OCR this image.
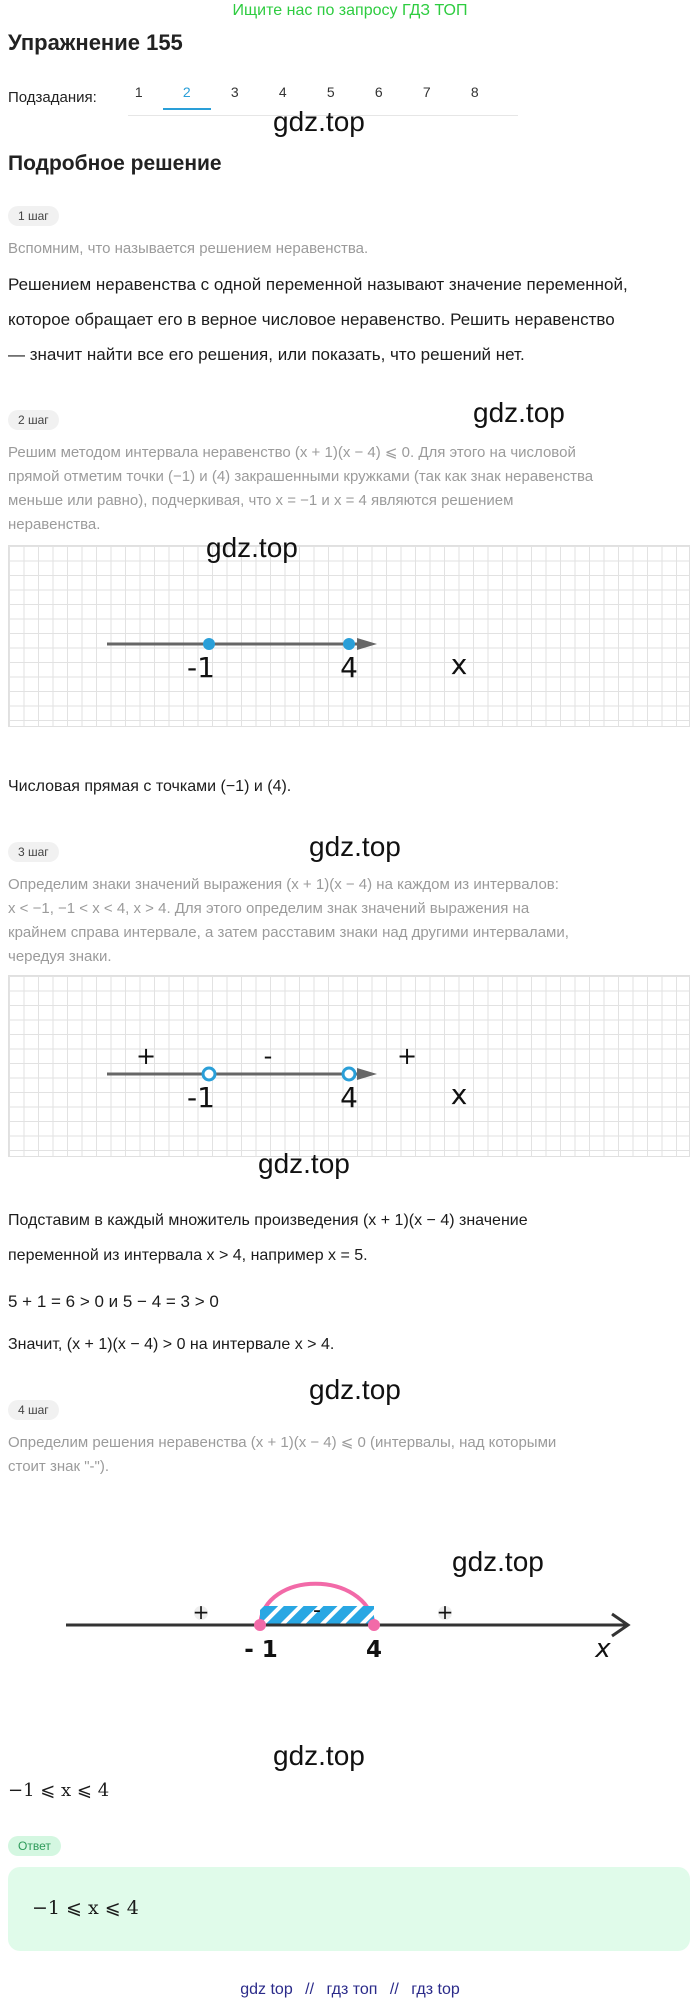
Ищите нас по запросу ГДЗ ТОП
Упражнение 155
Подзадания:	1	2	3	4	5	6	7	8
gdz.top
Подробное решение
1 шаг
Вспомним, что называется решением неравенства.
Решением неравенства с одной переменной называют значение переменной,
которое обращает его в верное числовое неравенство. Решить неравенство
— значит найти все его решения, или показать, что решений нет.
2 шаг	gdz.top
Решим методом интервала неравенство (x + 1)(x − 4) ⩽ 0. Для этого на числовой
прямой отметим точки (−1) и (4) закрашенными кружками (так как знак неравенства
меньше или равно), подчеркивая, что x = −1 и x = 4 являются решением
неравенства.
-1	4	x
gdz.top
Числовая прямая с точками (−1) и (4).
3 шаг	gdz.top
Определим знаки значений выражения (x + 1)(x − 4) на каждом из интервалов:
x < −1, −1 < x < 4, x > 4. Для этого определим знак значений выражения на
крайнем справа интервале, а затем расставим знаки над другими интервалами,
чередуя знаки.
-1	4	x
+	-	+
gdz.top
Подставим в каждый множитель произведения (x + 1)(x − 4) значение
переменной из интервала x > 4, например x = 5.
5 + 1 = 6 > 0 и 5 − 4 = 3 > 0
Значит, (x + 1)(x − 4) > 0 на интервале x > 4.
gdz.top
4 шаг
Определим решения неравенства (x + 1)(x − 4) ⩽ 0 (интервалы, над которыми
стоит знак "-").
+	-	+
- 1	4	x
gdz.top
gdz.top
−1 ⩽ x ⩽ 4
Ответ
−1 ⩽ x ⩽ 4
gdz top // гдз топ // гдз top
